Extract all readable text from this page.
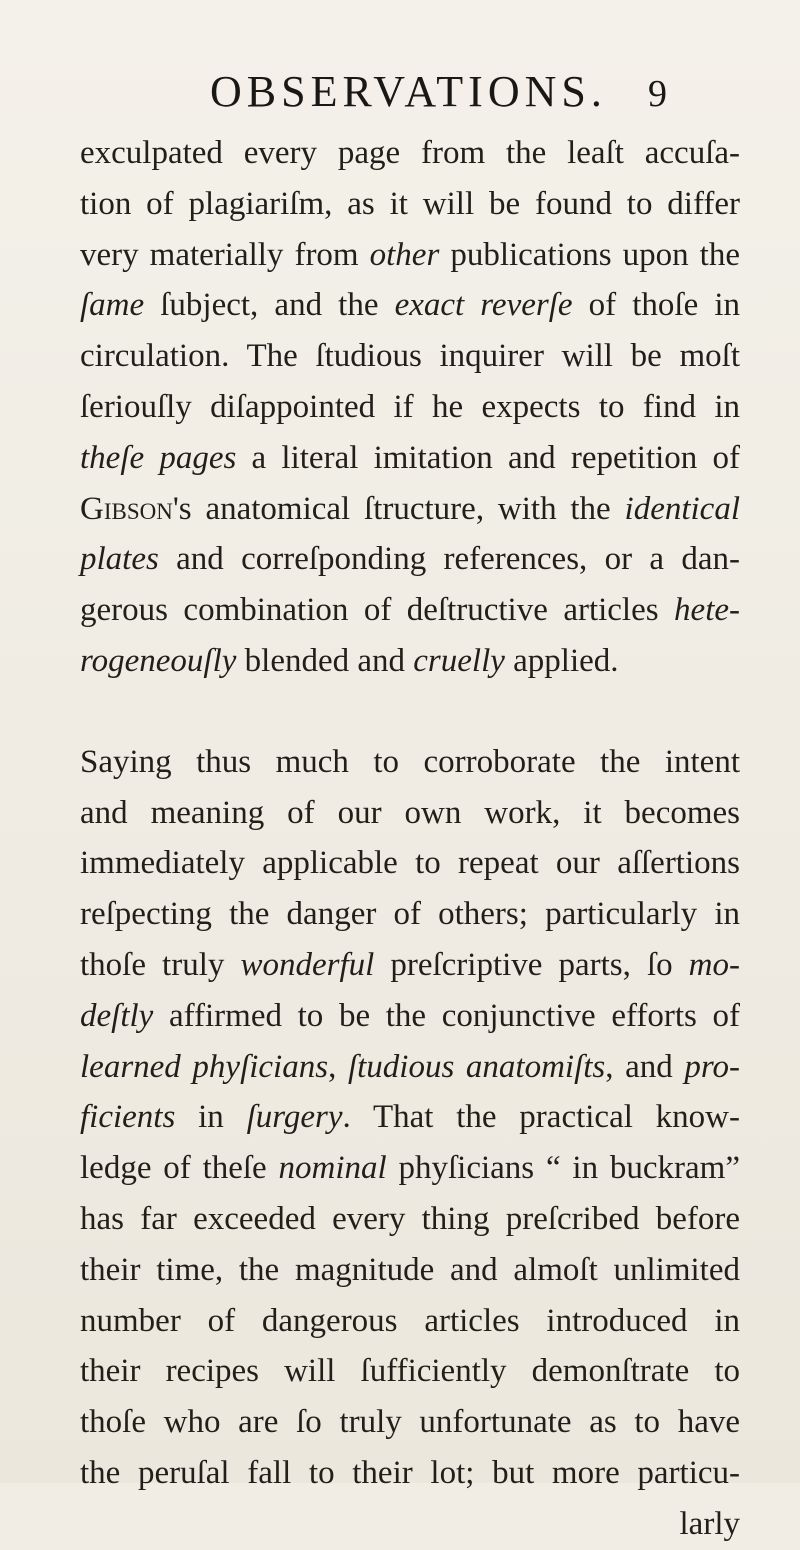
OBSERVATIONS. 9
exculpated every page from the leaſt accuſa-
tion of plagiariſm, as it will be found to differ
very materially from other publications upon the
ſame ſubject, and the exact reverſe of thoſe in
circulation. The ſtudious inquirer will be moſt
ſeriouſly diſappointed if he expects to find in
theſe pages a literal imitation and repetition of
Gibson's anatomical ſtructure, with the identical
plates and correſponding references, or a dan-
gerous combination of deſtructive articles hete-
rogeneouſly blended and cruelly applied.
Saying thus much to corroborate the intent
and meaning of our own work, it becomes
immediately applicable to repeat our aſſertions
reſpecting the danger of others; particularly in
thoſe truly wonderful preſcriptive parts, ſo mo-
deſtly affirmed to be the conjunctive efforts of
learned phyſicians, ſtudious anatomiſts, and pro-
ficients in ſurgery. That the practical know-
ledge of theſe nominal phyſicians “ in buckram”
has far exceeded every thing preſcribed before
their time, the magnitude and almoſt unlimited
number of dangerous articles introduced in
their recipes will ſufficiently demonſtrate to
thoſe who are ſo truly unfortunate as to have
the peruſal fall to their lot; but more particu-
larly
